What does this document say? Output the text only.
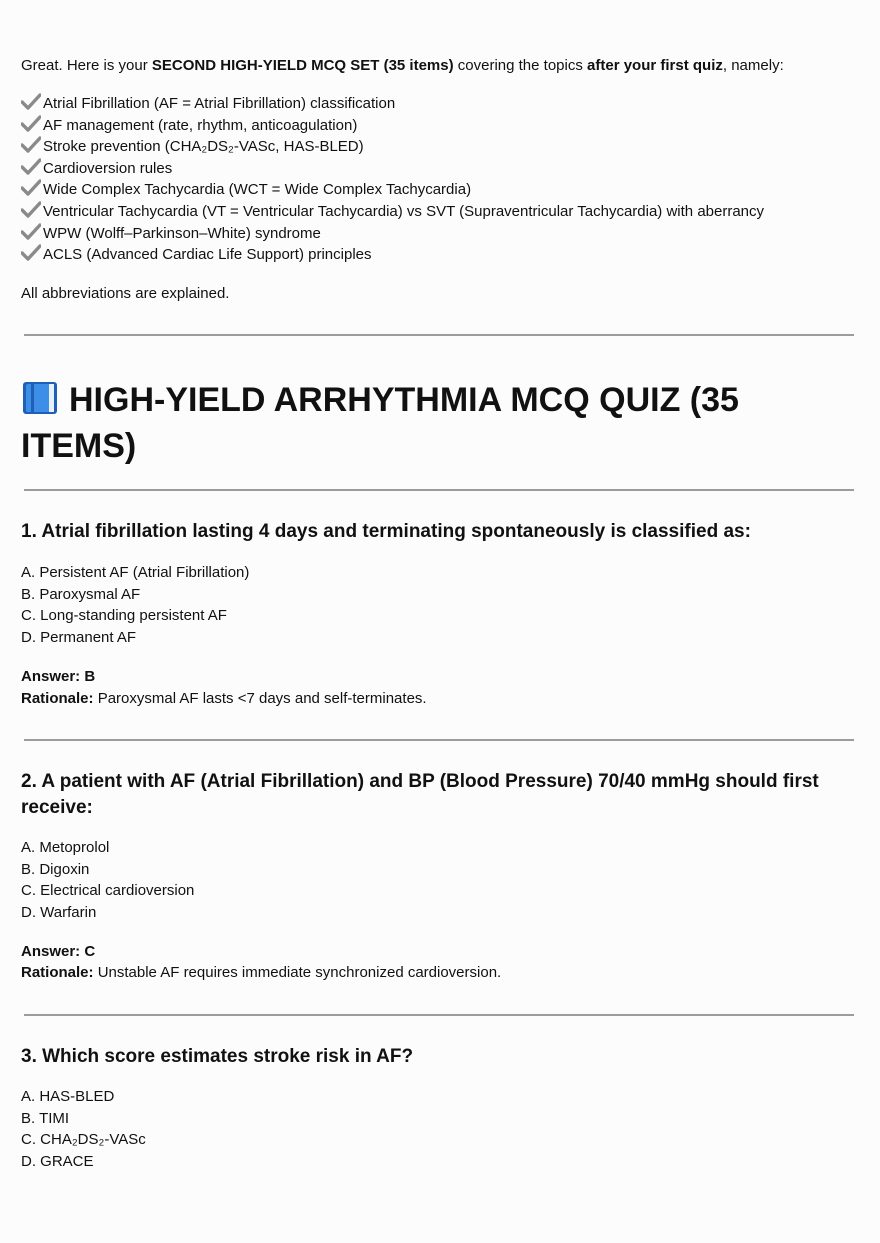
Great. Here is your SECOND HIGH-YIELD MCQ SET (35 items) covering the topics after your first quiz, namely:

Atrial Fibrillation (AF = Atrial Fibrillation) classification
AF management (rate, rhythm, anticoagulation)
Stroke prevention (CHA₂DS₂-VASc, HAS-BLED)
Cardioversion rules
Wide Complex Tachycardia (WCT = Wide Complex Tachycardia)
Ventricular Tachycardia (VT = Ventricular Tachycardia) vs SVT (Supraventricular Tachycardia) with aberrancy
WPW (Wolff–Parkinson–White) syndrome
ACLS (Advanced Cardiac Life Support) principles

All abbreviations are explained.

HIGH-YIELD ARRHYTHMIA MCQ QUIZ (35 ITEMS)
1. Atrial fibrillation lasting 4 days and terminating spontaneously is classified as:
A. Persistent AF (Atrial Fibrillation)
B. Paroxysmal AF
C. Long-standing persistent AF
D. Permanent AF

Answer: B

Rationale: Paroxysmal AF lasts <7 days and self-terminates.

2. A patient with AF (Atrial Fibrillation) and BP (Blood Pressure) 70/40 mmHg should first receive:
A. Metoprolol
B. Digoxin
C. Electrical cardioversion
D. Warfarin

Answer: C

Rationale: Unstable AF requires immediate synchronized cardioversion.

3. Which score estimates stroke risk in AF?
A. HAS-BLED
B. TIMI
C. CHA₂DS₂-VASc
D. GRACE
